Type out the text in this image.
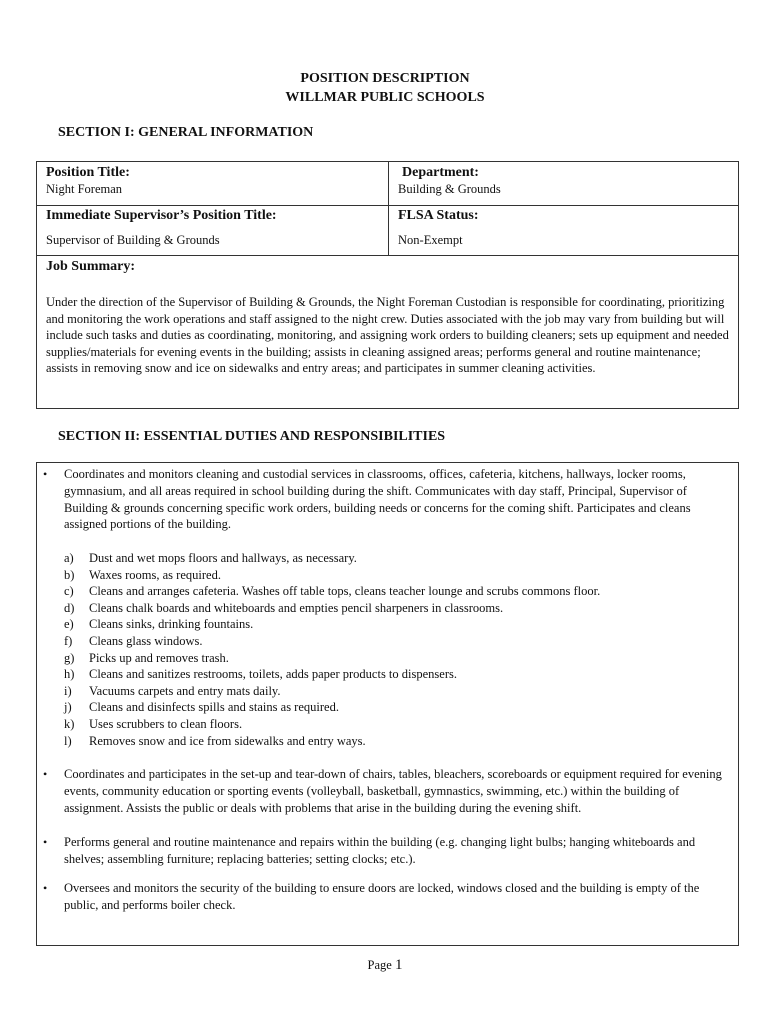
POSITION DESCRIPTION
WILLMAR PUBLIC SCHOOLS
SECTION I: GENERAL INFORMATION
Position Title:
Night Foreman
Department:
Building & Grounds
Immediate Supervisor’s Position Title:
Supervisor of Building & Grounds
FLSA Status:
Non-Exempt
Job Summary:
Under the direction of the Supervisor of Building & Grounds, the Night Foreman Custodian is responsible for coordinating, prioritizing and monitoring the work operations and staff assigned to the night crew. Duties associated with the job may vary from building but will include such tasks and duties as coordinating, monitoring, and assigning work orders to building cleaners; sets up equipment and needed supplies/materials for evening events in the building; assists in cleaning assigned areas; performs general and routine maintenance; assists in removing snow and ice on sidewalks and entry areas; and participates in summer cleaning activities.
SECTION II: ESSENTIAL DUTIES AND RESPONSIBILITIES
• Coordinates and monitors cleaning and custodial services in classrooms, offices, cafeteria, kitchens, hallways, locker rooms, gymnasium, and all areas required in school building during the shift. Communicates with day staff, Principal, Supervisor of Building & grounds concerning specific work orders, building needs or concerns for the coming shift. Participates and cleans assigned portions of the building.
a)	Dust and wet mops floors and hallways, as necessary.
b)	Waxes rooms, as required.
c)	Cleans and arranges cafeteria. Washes off table tops, cleans teacher lounge and scrubs commons floor.
d)	Cleans chalk boards and whiteboards and empties pencil sharpeners in classrooms.
e)	Cleans sinks, drinking fountains.
f)	Cleans glass windows.
g)	Picks up and removes trash.
h)	Cleans and sanitizes restrooms, toilets, adds paper products to dispensers.
i)	Vacuums carpets and entry mats daily.
j)	Cleans and disinfects spills and stains as required.
k)	Uses scrubbers to clean floors.
l)	Removes snow and ice from sidewalks and entry ways.
• Coordinates and participates in the set-up and tear-down of chairs, tables, bleachers, scoreboards or equipment required for evening events, community education or sporting events (volleyball, basketball, gymnastics, swimming, etc.) within the building of assignment. Assists the public or deals with problems that arise in the building during the evening shift.
• Performs general and routine maintenance and repairs within the building (e.g. changing light bulbs; hanging whiteboards and shelves; assembling furniture; replacing batteries; setting clocks; etc.).
• Oversees and monitors the security of the building to ensure doors are locked, windows closed and the building is empty of the public, and performs boiler check.
Page 1
